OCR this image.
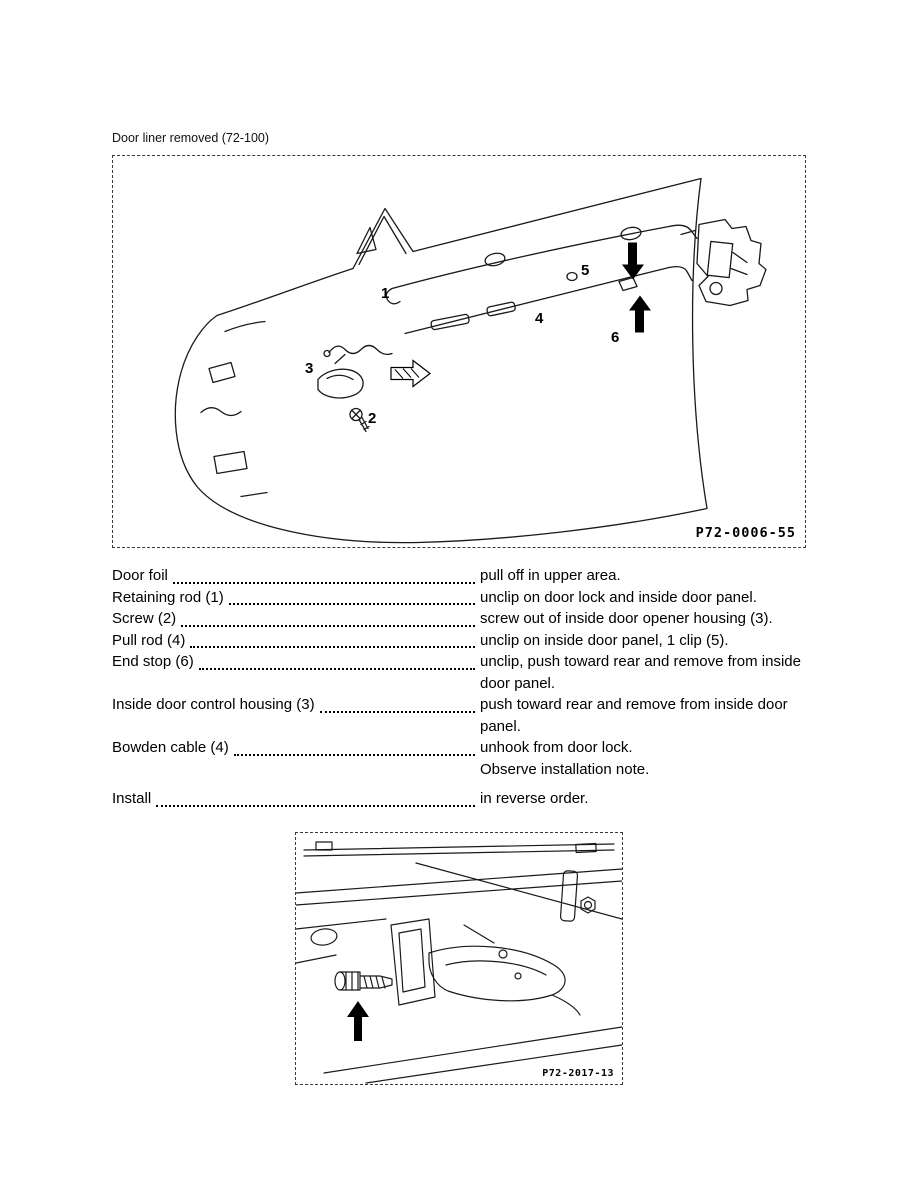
Door liner removed (72-100)
1
2
3
4
5
6
P72-0006-55
Door foil	pull off in upper area.
Retaining rod (1)	unclip on door lock and inside door panel.
Screw (2)	screw out of inside door opener housing (3).
Pull rod (4)	unclip on inside door panel, 1 clip (5).
End stop (6)	unclip, push toward rear and remove from inside door panel.
Inside door control housing (3)	push toward rear and remove from inside door panel.
Bowden cable (4)	unhook from door lock.
Observe installation note.
Install	in reverse order.
P72-2017-13
